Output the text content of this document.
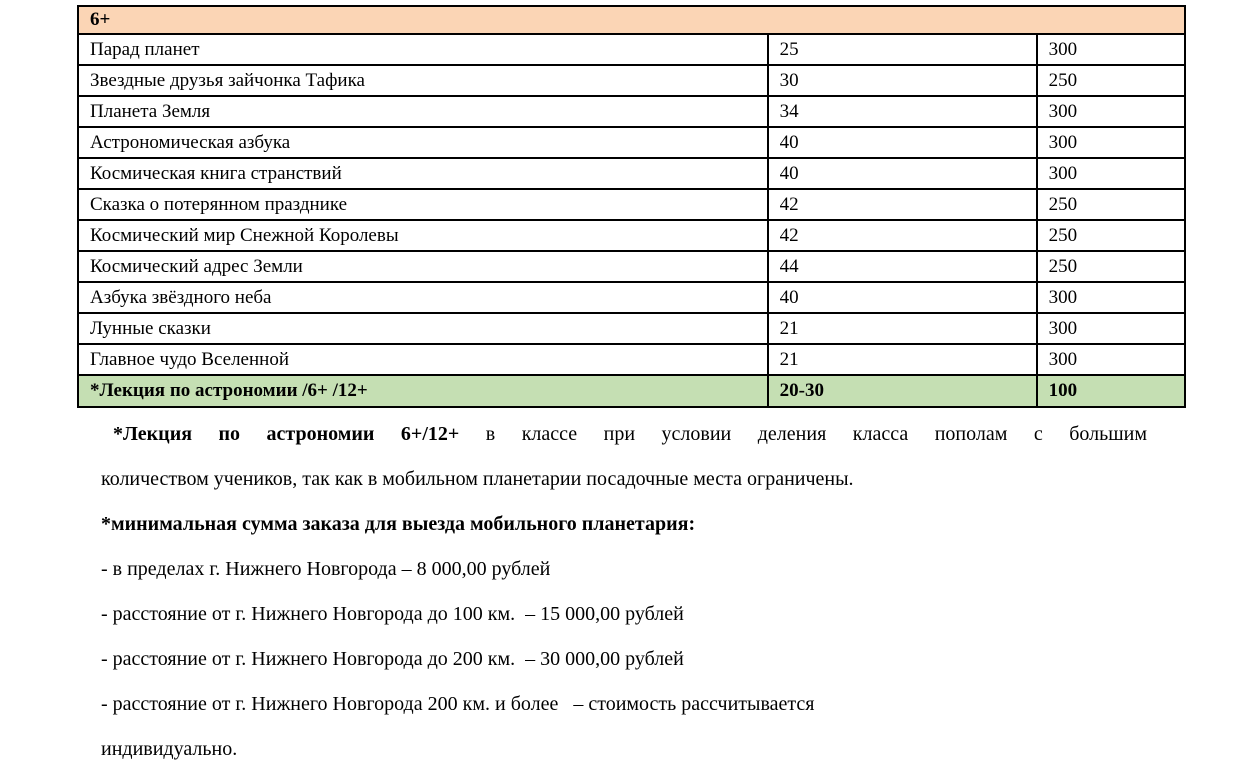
6+		
Парад планет	25	300
Звездные друзья зайчонка Тафика	30	250
Планета Земля	34	300
Астрономическая азбука	40	300
Космическая книга странствий	40	300
Сказка о потерянном празднике	42	250
Космический мир Снежной Королевы	42	250
Космический адрес Земли	44	250
Азбука звёздного неба	40	300
Лунные сказки	21	300
Главное чудо Вселенной	21	300
*Лекция по астрономии /6+ /12+	20-30	100

*Лекция по астрономии 6+/12+ в классе при условии деления класса пополам с большим
количеством учеников, так как в мобильном планетарии посадочные места ограничены.

*минимальная сумма заказа для выезда мобильного планетария:

- в пределах г. Нижнего Новгорода – 8 000,00 рублей

- расстояние от г. Нижнего Новгорода до 100 км.  – 15 000,00 рублей

- расстояние от г. Нижнего Новгорода до 200 км.  – 30 000,00 рублей

- расстояние от г. Нижнего Новгорода 200 км. и более   – стоимость рассчитывается
индивидуально.
